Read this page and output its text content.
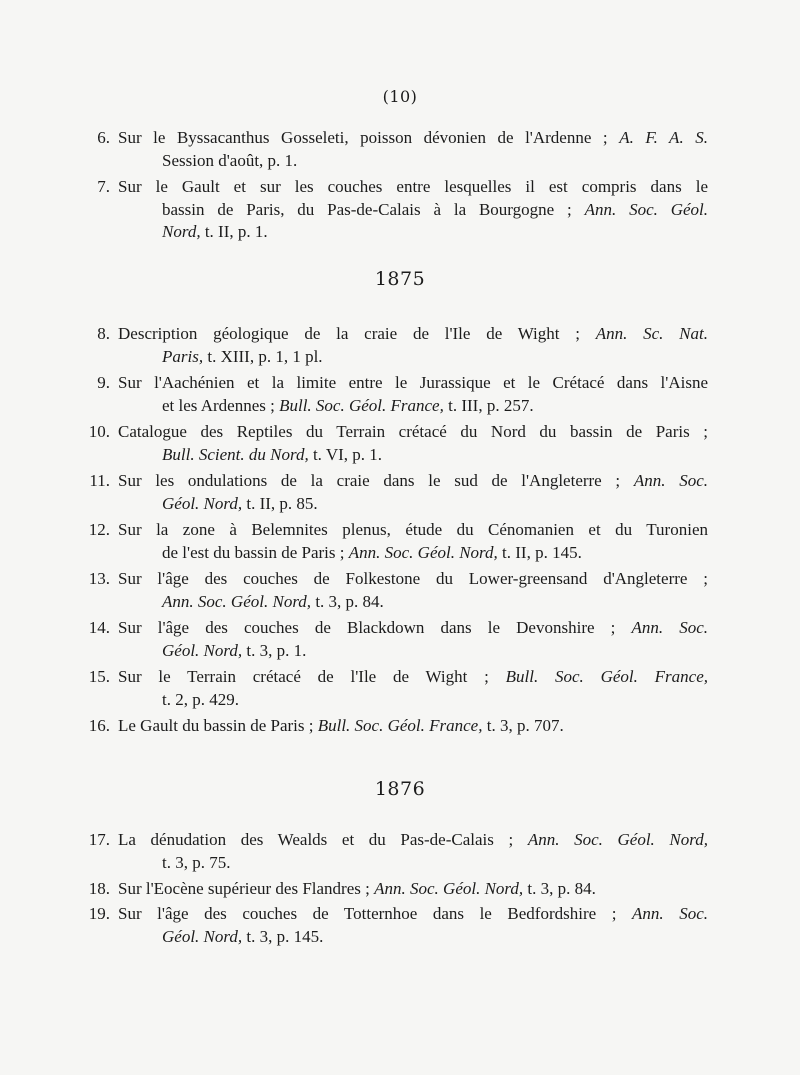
(10)
6. Sur le Byssacanthus Gosseleti, poisson dévonien de l'Ardenne ; A. F. A. S.
Session d'août, p. 1.
7. Sur le Gault et sur les couches entre lesquelles il est compris dans le
bassin de Paris, du Pas-de-Calais à la Bourgogne ; Ann. Soc. Géol.
Nord, t. II, p. 1.
1875
8. Description géologique de la craie de l'Ile de Wight ; Ann. Sc. Nat.
Paris, t. XIII, p. 1, 1 pl.
9. Sur l'Aachénien et la limite entre le Jurassique et le Crétacé dans l'Aisne
et les Ardennes ; Bull. Soc. Géol. France, t. III, p. 257.
10. Catalogue des Reptiles du Terrain crétacé du Nord du bassin de Paris ;
Bull. Scient. du Nord, t. VI, p. 1.
11. Sur les ondulations de la craie dans le sud de l'Angleterre ; Ann. Soc.
Géol. Nord, t. II, p. 85.
12. Sur la zone à Belemnites plenus, étude du Cénomanien et du Turonien
de l'est du bassin de Paris ; Ann. Soc. Géol. Nord, t. II, p. 145.
13. Sur l'âge des couches de Folkestone du Lower-greensand d'Angleterre ;
Ann. Soc. Géol. Nord, t. 3, p. 84.
14. Sur l'âge des couches de Blackdown dans le Devonshire ; Ann. Soc.
Géol. Nord, t. 3, p. 1.
15. Sur le Terrain crétacé de l'Ile de Wight ; Bull. Soc. Géol. France,
t. 2, p. 429.
16. Le Gault du bassin de Paris ; Bull. Soc. Géol. France, t. 3, p. 707.
1876
17. La dénudation des Wealds et du Pas-de-Calais ; Ann. Soc. Géol. Nord,
t. 3, p. 75.
18. Sur l'Eocène supérieur des Flandres ; Ann. Soc. Géol. Nord, t. 3, p. 84.
19. Sur l'âge des couches de Totternhoe dans le Bedfordshire ; Ann. Soc.
Géol. Nord, t. 3, p. 145.
